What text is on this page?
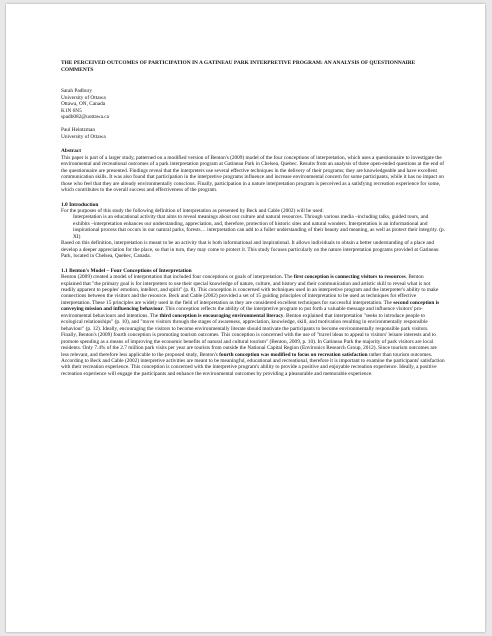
THE PERCEIVED OUTCOMES OF PARTICIPATION IN A GATINEAU PARK INTERPRETIVE PROGRAM: AN ANALYSIS OF QUESTIONNAIRE COMMENTS

Sarah Padbury

University of Ottawa

Ottawa, ON, Canada

K1N 6N5

spadb082@uottawa.ca

Paul Heintzman

University of Ottawa

Abstract

This paper is part of a larger study, patterned on a modified version of Benton's (2009) model of the four conceptions of interpretation, which uses a questionnaire to investigate the environmental and recreational outcomes of a park interpretation program at Gatineau Park in Chelsea, Quebec. Results from an analysis of three open-ended questions at the end of the questionnaire are presented. Findings reveal that the interpreters use several effective techniques in the delivery of their programs; they are knowledgeable and have excellent communication skills. It was also found that participation in the interpretive programs influence and increase environmental concern for some participants, while it has no impact on those who feel that they are already environmentally conscious. Finally, participation in a nature interpretation program is perceived as a satisfying recreation experience for some, which contributes to the overall success and effectiveness of the program.

1.0 Introduction

For the purposes of this study the following definition of interpretation as presented by Beck and Cable (2002) will be used:

Interpretation is an educational activity that aims to reveal meanings about our culture and natural resources. Through various media –including talks, guided tours, and exhibits –interpretation enhances our understanding, appreciation, and, therefore, protection of historic sites and natural wonders. Interpretation is an informational and inspirational process that occurs in our natural parks, forests… interpretation can add to a fuller understanding of their beauty and meaning, as well as protect their integrity. (p. XI)

Based on this definition, interpretation is meant to be an activity that is both informational and inspirational. It allows individuals to obtain a better understanding of a place and develop a deeper appreciation for the place, so that in turn, they may come to protect it. This study focuses particularly on the nature interpretation programs provided at Gatineau Park, located in Chelsea, Quebec, Canada.

1.1 Benton's Model – Four Conceptions of Interpretation

Benton (2009) created a model of interpretation that included four conceptions or goals of interpretation. The first conception is connecting visitors to resources. Benton explained that "the primary goal is for interpreters to use their special knowledge of nature, culture, and history and their communication and artistic skill to reveal what is not readily apparent to peoples' emotion, intellect, and spirit" (p. 8). This conception is concerned with techniques used in an interpretive program and the interpreter's ability to make connections between the visitors and the resource. Beck and Cable (2002) provided a set of 15 guiding principles of interpretation to be used as techniques for effective interpretation. These 15 principles are widely used in the field of interpretation as they are considered excellent techniques for successful interpretation. The second conception is conveying mission and influencing behaviour. This conception reflects the ability of the interpretive program to put forth a valuable message and influence visitors' pro-environmental behaviours and intentions. The third conception is encouraging environmental literacy. Benton explained that interpretation "seeks to introduce people to ecological relationships" (p. 10), and "move visitors through the stages of awareness, appreciation, knowledge, skill, and motivation resulting in environmentally responsible behaviour" (p. 12). Ideally, encouraging the visitors to become environmentally literate should motivate the participants to become environmentally responsible park visitors. Finally, Benton's (2009) fourth conception is promoting tourism outcomes. This conception is concerned with the use of "travel ideas to appeal to visitors' leisure interests and to promote spending as a means of improving the economic benefits of natural and cultural tourism" (Benton, 2009, p. 10). In Gatineau Park the majority of park visitors are local residents. Only 7.4% of the 2.7 million park visits per year are tourists from outside the National Capital Region (Environics Research Group, 2012). Since tourism outcomes are less relevant, and therefore less applicable to the proposed study, Benton's fourth conception was modified to focus on recreation satisfaction rather than tourism outcomes. According to Beck and Cable (2002) interpretive activities are meant to be meaningful, educational and recreational, therefore it is important to examine the participants' satisfaction with their recreation experience. This conception is concerned with the interpretive program's ability to provide a positive and enjoyable recreation experience. Ideally, a positive recreation experience will engage the participants and enhance the environmental outcomes by providing a pleasurable and memorable experience.
